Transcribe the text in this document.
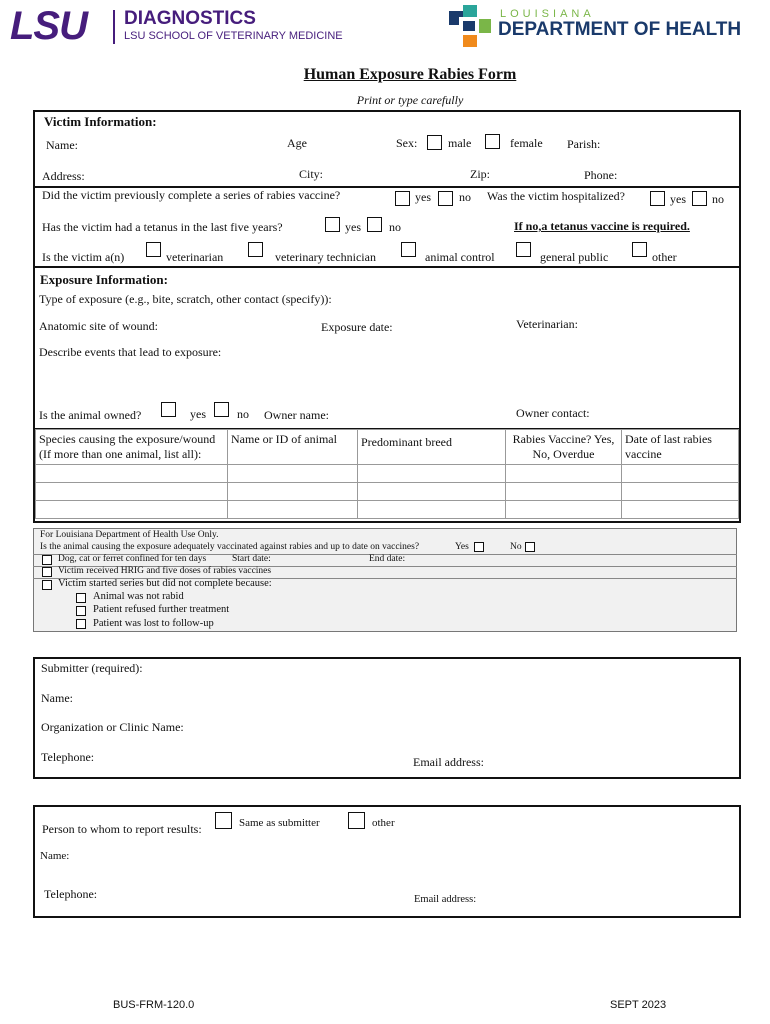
LSU DIAGNOSTICS
LSU SCHOOL OF VETERINARY MEDICINE
LOUISIANA
DEPARTMENT OF HEALTH
Human Exposure Rabies Form
Print or type carefully
Victim Information:
Name:	Age	Sex:	male	female Parish:
Address:	City:	Zip:	Phone:
Did the victim previously complete a series of rabies vaccine?	yes no Was the victim hospitalized?	yes no
Has the victim had a tetanus in the last five years?	yes no	If no,a tetanus vaccine is required.
Is the victim a(n)	veterinarian	veterinary technician	animal control	general public	other
Exposure Information:
Type of exposure (e.g., bite, scratch, other contact (specify)):
Anatomic site of wound:	Exposure date:	Veterinarian:
Describe events that lead to exposure:
Is the animal owned?	yes	no Owner name:	Owner contact:
Species causing the exposure/wound (If more than one animal, list all):	Name or ID of animal	Predominant breed	Rabies Vaccine? Yes, No, Overdue	Date of last rabies vaccine

For Louisiana Department of Health Use Only.
Is the animal causing the exposure adequately vaccinated against rabies and up to date on vaccines?	Yes	No
Dog, cat or ferret confined for ten days	Start date:	End date:
Victim received HRIG and five doses of rabies vaccines
Victim started series but did not complete because:
Animal was not rabid
Patient refused further treatment
Patient was lost to follow-up
Submitter (required):
Name:
Organization or Clinic Name:
Telephone:	Email address:
Person to whom to report results:	Same as submitter	other
Name:
Telephone:	Email address:
BUS-FRM-120.0	SEPT 2023
